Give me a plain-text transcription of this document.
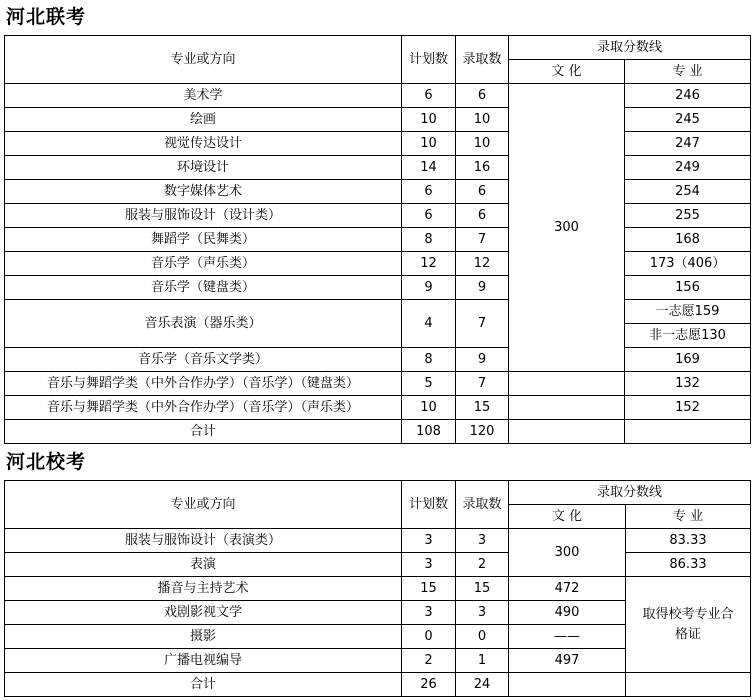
河北联考
专业或方向	计划数	录取数	录取分数线	
			文 化	专 业
美术学	6	6	300	246
绘画	10	10		245
视觉传达设计	10	10		247
环境设计	14	16		249
数字媒体艺术	6	6		254
服装与服饰设计（设计类）	6	6		255
舞蹈学（民舞类）	8	7		168
音乐学（声乐类）	12	12		173（406）
音乐学（键盘类）	9	9		156
音乐表演（器乐类）	4	7		一志愿159
				非一志愿130
音乐学（音乐文学类）	8	9		169
音乐与舞蹈学类（中外合作办学）（音乐学）（键盘类）	5	7		132
音乐与舞蹈学类（中外合作办学）（音乐学）（声乐类）	10	15		152
合计	108	120		
河北校考
专业或方向	计划数	录取数	录取分数线	
			文 化	专 业
服装与服饰设计（表演类）	3	3	300	83.33
表演	3	2		86.33
播音与主持艺术	15	15	472	取得校考专业合格证
戏剧影视文学	3	3	490	
摄影	0	0	——	
广播电视编导	2	1	497	
合计	26	24		
